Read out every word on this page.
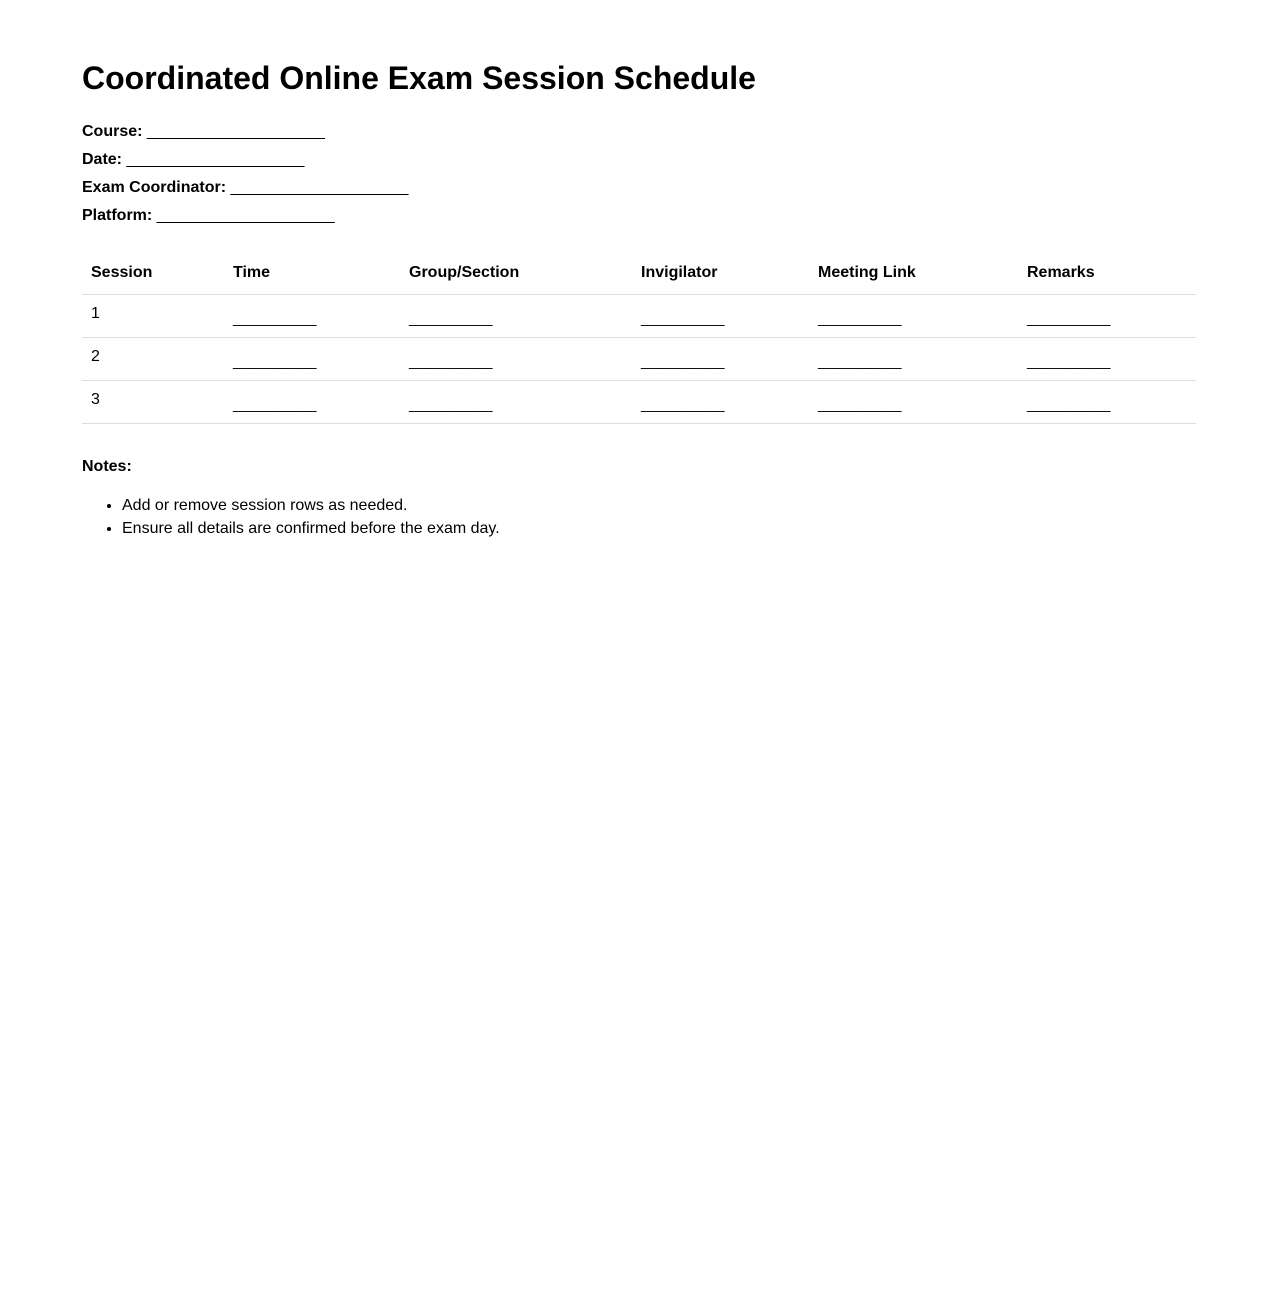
Coordinated Online Exam Session Schedule
Course: ____________________
Date: ____________________
Exam Coordinator: ____________________
Platform: ____________________
Session	Time	Group/Section	Invigilator	Meeting Link	Remarks
1	__________	__________	__________	__________	__________
2	__________	__________	__________	__________	__________
3	__________	__________	__________	__________	__________
Notes:
• Add or remove session rows as needed.
• Ensure all details are confirmed before the exam day.
